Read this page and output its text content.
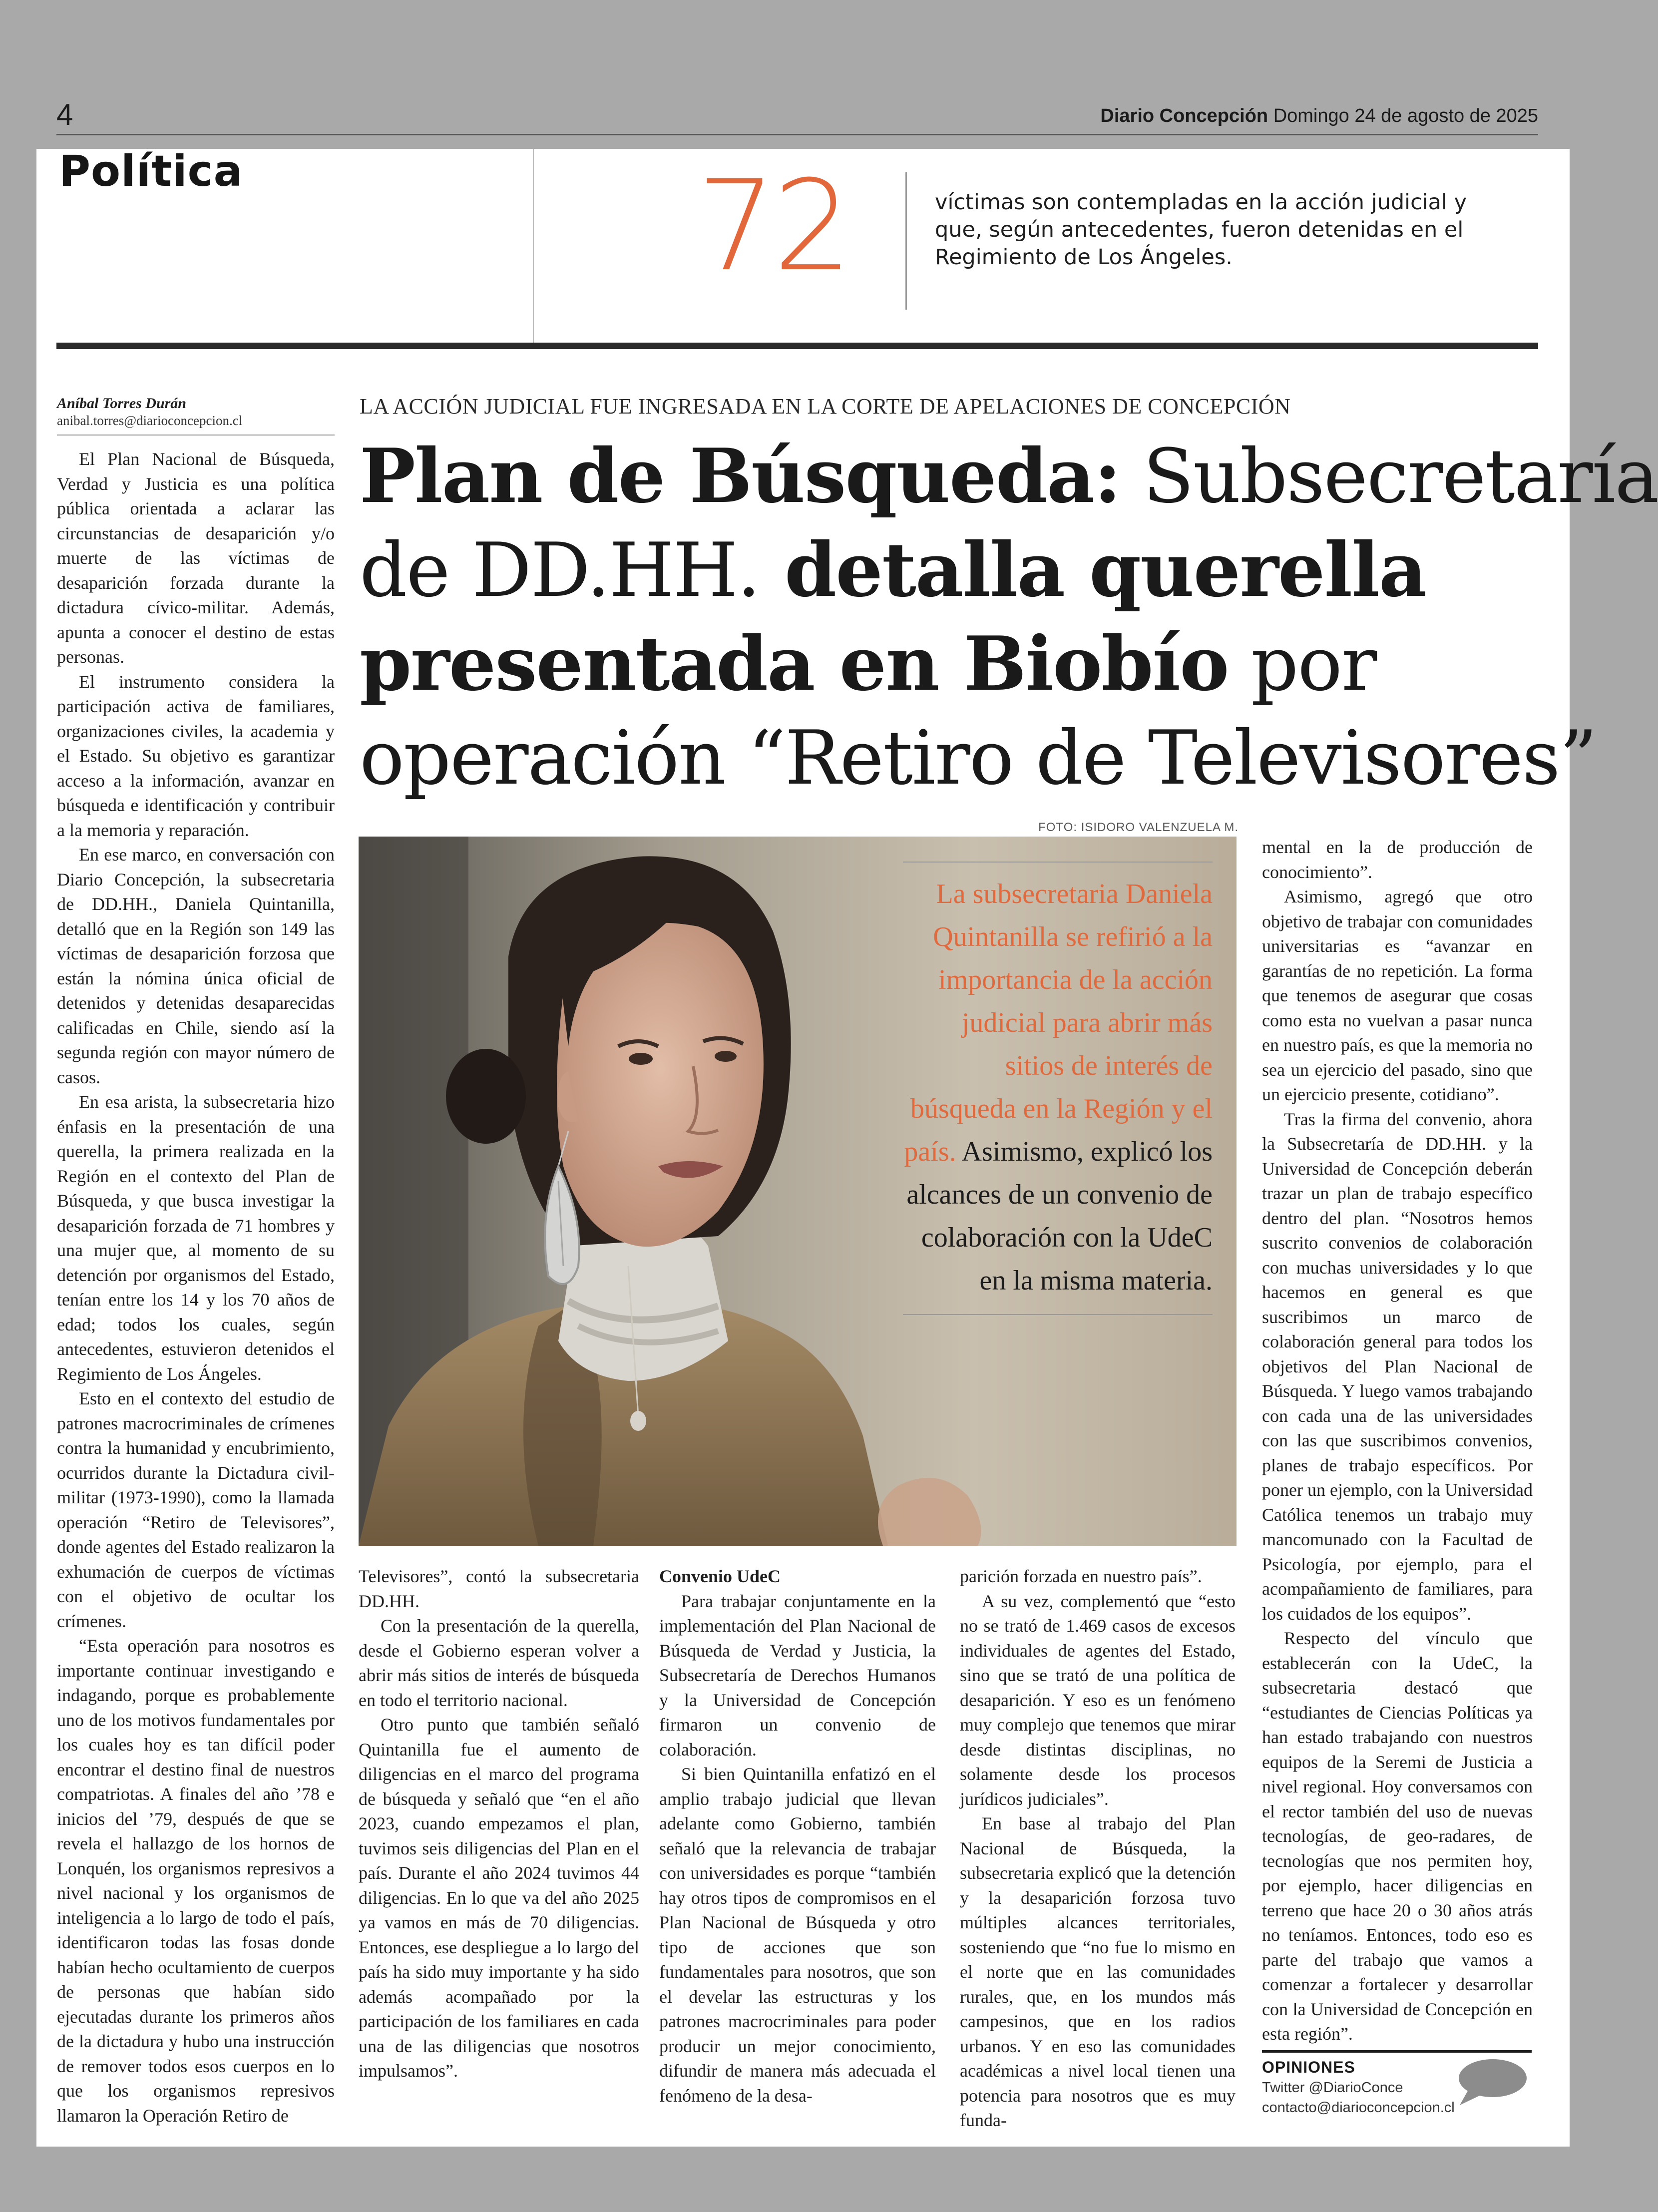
4	Diario Concepción Domingo 24 de agosto de 2025
Política	72	víctimas son contempladas en la acción judicial y que, según antecedentes, fueron detenidas en el Regimiento de Los Ángeles.
Aníbal Torres Durán
anibal.torres@diarioconcepcion.cl
LA ACCIÓN JUDICIAL FUE INGRESADA EN LA CORTE DE APELACIONES DE CONCEPCIÓN
Plan de Búsqueda: Subsecretaría
de DD.HH. detalla querella
presentada en Biobío por
operación “Retiro de Televisores”

El Plan Nacional de Búsqueda, Verdad y Justicia es una política pública orientada a aclarar las circunstancias de desaparición y/o muerte de las víctimas de desaparición forzada durante la dictadura cívico-militar. Además, apunta a conocer el destino de estas personas.

El instrumento considera la participación activa de familiares, organizaciones civiles, la academia y el Estado. Su objetivo es garantizar acceso a la información, avanzar en búsqueda e identificación y contribuir a la memoria y reparación.

En ese marco, en conversación con Diario Concepción, la subsecretaria de DD.HH., Daniela Quintanilla, detalló que en la Región son 149 las víctimas de desaparición forzosa que están la nómina única oficial de detenidos y detenidas desaparecidas calificadas en Chile, siendo así la segunda región con mayor número de casos.

En esa arista, la subsecretaria hizo énfasis en la presentación de una querella, la primera realizada en la Región en el contexto del Plan de Búsqueda, y que busca investigar la desaparición forzada de 71 hombres y una mujer que, al momento de su detención por organismos del Estado, tenían entre los 14 y los 70 años de edad; todos los cuales, según antecedentes, estuvieron detenidos el Regimiento de Los Ángeles.

Esto en el contexto del estudio de patrones macrocriminales de crímenes contra la humanidad y encubrimiento, ocurridos durante la Dictadura civil-militar (1973-1990), como la llamada operación “Retiro de Televisores”, donde agentes del Estado realizaron la exhumación de cuerpos de víctimas con el objetivo de ocultar los crímenes.

“Esta operación para nosotros es importante continuar investigando e indagando, porque es probablemente uno de los motivos fundamentales por los cuales hoy es tan difícil poder encontrar el destino final de nuestros compatriotas. A finales del año ’78 e inicios del ’79, después de que se revela el hallazgo de los hornos de Lonquén, los organismos represivos a nivel nacional y los organismos de inteligencia a lo largo de todo el país, identificaron todas las fosas donde habían hecho ocultamiento de cuerpos de personas que habían sido ejecutadas durante los primeros años de la dictadura y hubo una instrucción de remover todos esos cuerpos en lo que los organismos represivos llamaron la Operación Retiro de

FOTO: ISIDORO VALENZUELA M.

La subsecretaria Daniela Quintanilla se refirió a la importancia de la acción judicial para abrir más sitios de interés de búsqueda en la Región y el país. Asimismo, explicó los alcances de un convenio de colaboración con la UdeC en la misma materia.

Televisores”, contó la subsecretaria DD.HH.

Con la presentación de la querella, desde el Gobierno esperan volver a abrir más sitios de interés de búsqueda en todo el territorio nacional.

Otro punto que también señaló Quintanilla fue el aumento de diligencias en el marco del programa de búsqueda y señaló que “en el año 2023, cuando empezamos el plan, tuvimos seis diligencias del Plan en el país. Durante el año 2024 tuvimos 44 diligencias. En lo que va del año 2025 ya vamos en más de 70 diligencias. Entonces, ese despliegue a lo largo del país ha sido muy importante y ha sido además acompañado por la participación de los familiares en cada una de las diligencias que nosotros impulsamos”.

Convenio UdeC

Para trabajar conjuntamente en la implementación del Plan Nacional de Búsqueda de Verdad y Justicia, la Subsecretaría de Derechos Humanos y la Universidad de Concepción firmaron un convenio de colaboración.

Si bien Quintanilla enfatizó en el amplio trabajo judicial que llevan adelante como Gobierno, también señaló que la relevancia de trabajar con universidades es porque “también hay otros tipos de compromisos en el Plan Nacional de Búsqueda y otro tipo de acciones que son fundamentales para nosotros, que son el develar las estructuras y los patrones macrocriminales para poder producir un mejor conocimiento, difundir de manera más adecuada el fenómeno de la desa-

parición forzada en nuestro país”.

A su vez, complementó que “esto no se trató de 1.469 casos de excesos individuales de agentes del Estado, sino que se trató de una política de desaparición. Y eso es un fenómeno muy complejo que tenemos que mirar desde distintas disciplinas, no solamente desde los procesos jurídicos judiciales”.

En base al trabajo del Plan Nacional de Búsqueda, la subsecretaria explicó que la detención y la desaparición forzosa tuvo múltiples alcances territoriales, sosteniendo que “no fue lo mismo en el norte que en las comunidades rurales, que, en los mundos más campesinos, que en los radios urbanos. Y en eso las comunidades académicas a nivel local tienen una potencia para nosotros que es muy funda-

mental en la de producción de conocimiento”.

Asimismo, agregó que otro objetivo de trabajar con comunidades universitarias es “avanzar en garantías de no repetición. La forma que tenemos de asegurar que cosas como esta no vuelvan a pasar nunca en nuestro país, es que la memoria no sea un ejercicio del pasado, sino que un ejercicio presente, cotidiano”.

Tras la firma del convenio, ahora la Subsecretaría de DD.HH. y la Universidad de Concepción deberán trazar un plan de trabajo específico dentro del plan. “Nosotros hemos suscrito convenios de colaboración con muchas universidades y lo que hacemos en general es que suscribimos un marco de colaboración general para todos los objetivos del Plan Nacional de Búsqueda. Y luego vamos trabajando con cada una de las universidades con las que suscribimos convenios, planes de trabajo específicos. Por poner un ejemplo, con la Universidad Católica tenemos un trabajo muy mancomunado con la Facultad de Psicología, por ejemplo, para el acompañamiento de familiares, para los cuidados de los equipos”.

Respecto del vínculo que establecerán con la UdeC, la subsecretaria destacó que “estudiantes de Ciencias Políticas ya han estado trabajando con nuestros equipos de la Seremi de Justicia a nivel regional. Hoy conversamos con el rector también del uso de nuevas tecnologías, de geo-radares, de tecnologías que nos permiten hoy, por ejemplo, hacer diligencias en terreno que hace 20 o 30 años atrás no teníamos. Entonces, todo eso es parte del trabajo que vamos a comenzar a fortalecer y desarrollar con la Universidad de Concepción en esta región”.

OPINIONES
Twitter @DiarioConce
contacto@diarioconcepcion.cl
